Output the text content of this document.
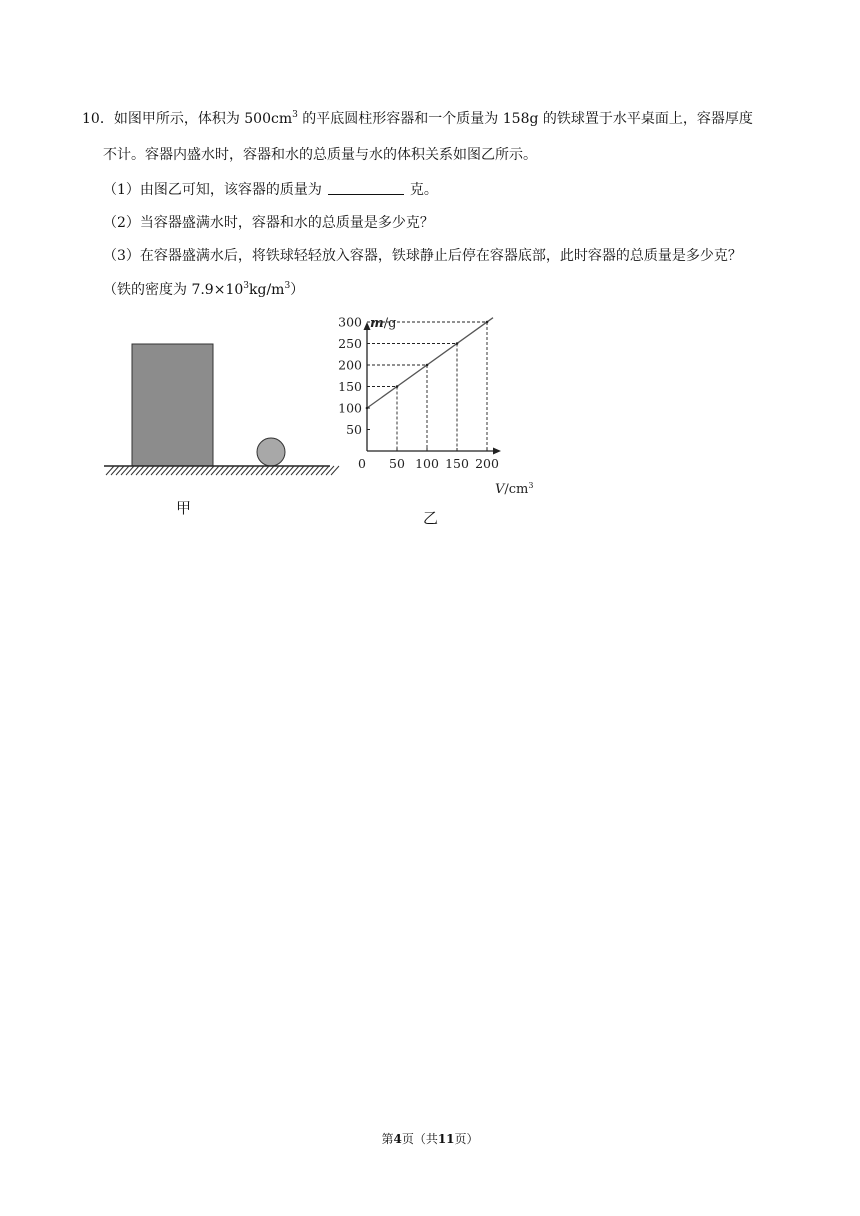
10．如图甲所示，体积为 $500cm^3$ 的平底圆柱形容器和一个质量为 158g 的铁球置于水平桌面上，容器厚度
不计。容器内盛水时，容器和水的总质量与水的体积关系如图乙所示。
（1）由图乙可知，该容器的质量为	克。
（2）当容器盛满水时，容器和水的总质量是多少克？
（3）在容器盛满水后，将铁球轻轻放入容器，铁球静止后停在容器底部，此时容器的总质量是多少克？
（铁的密度为 $7.9\times 10^3kg/m^3$）
甲
m/g
$V/cm^3$
50
100
150
200
250
300
0 50 100 150 200
乙
第4页（共11页）
